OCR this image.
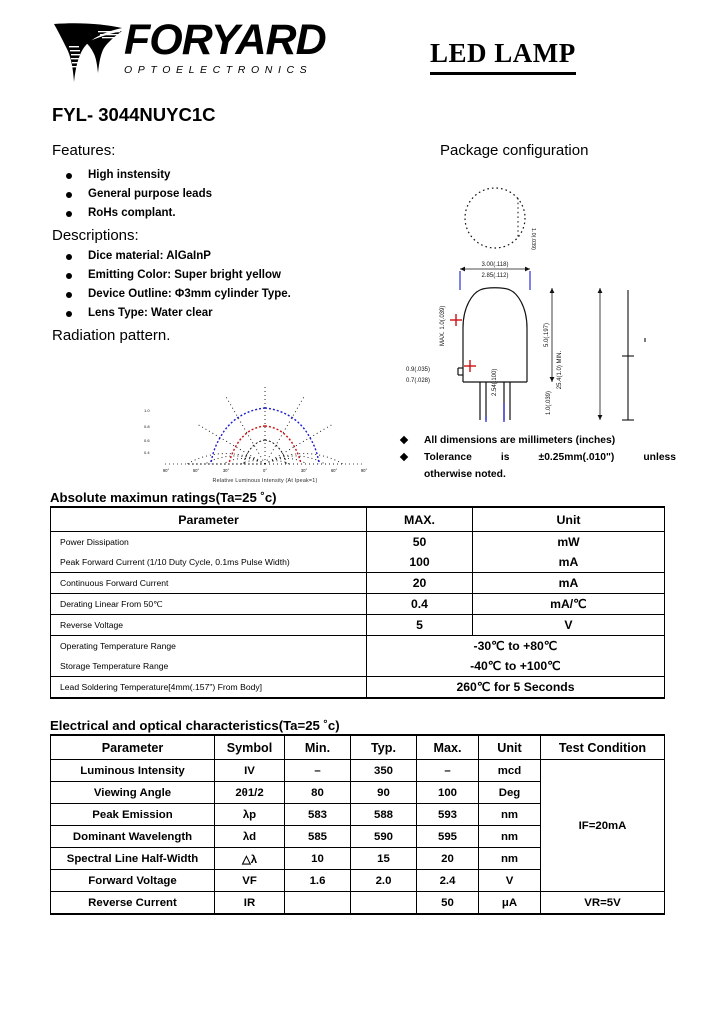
FORYARD
OPTOELECTRONICS
LED LAMP
FYL- 3044NUYC1C
Features:
High instensity
General purpose leads
RoHs complant.
Descriptions:
Dice material: AlGaInP
Emitting Color: Super bright yellow
Device Outline: Φ3mm cylinder Type.
Lens Type: Water clear
Radiation pattern.
90°	60°	30°	0°	30°	60°	90°
1.0
0.8
0.6
0.4
Relative Luminous Intensity (At Ipeak=1)
Package configuration
3.00(.118)
2.85(.112)
1.0(.039)
MAX. 1.0(.039)
0.9(.035)
0.7(.028)	2.54(.100)
5.0(.197)
25.4(1.0) MIN.
1.0(.039)
All dimensions are millimeters (inches)
Tolerance	is	±0.25mm(.010")	unless
otherwise noted.
Absolute maximun ratings(Ta=25 ˚c)
Parameter	MAX.	Unit
Power Dissipation	50	mW
Peak Forward Current (1/10 Duty Cycle, 0.1ms Pulse Width)	100	mA
Continuous Forward Current	20	mA
Derating Linear From 50℃	0.4	mA/℃
Reverse Voltage	5	V
Operating Temperature Range	-30℃ to +80℃	
Storage Temperature Range	-40℃ to +100℃	
Lead Soldering Temperature[4mm(.157") From Body]	260℃ for 5 Seconds	
Electrical and optical characteristics(Ta=25 ˚c)
Parameter	Symbol	Min.	Typ.	Max.	Unit	Test Condition
Luminous Intensity	IV	–	350	–	mcd	IF=20mA
Viewing Angle	2θ1/2	80	90	100	Deg	
Peak Emission	λp	583	588	593	nm	
Dominant Wavelength	λd	585	590	595	nm	
Spectral Line Half-Width	△λ	10	15	20	nm	
Forward Voltage	VF	1.6	2.0	2.4	V	
Reverse Current	IR			50	μA	VR=5V
